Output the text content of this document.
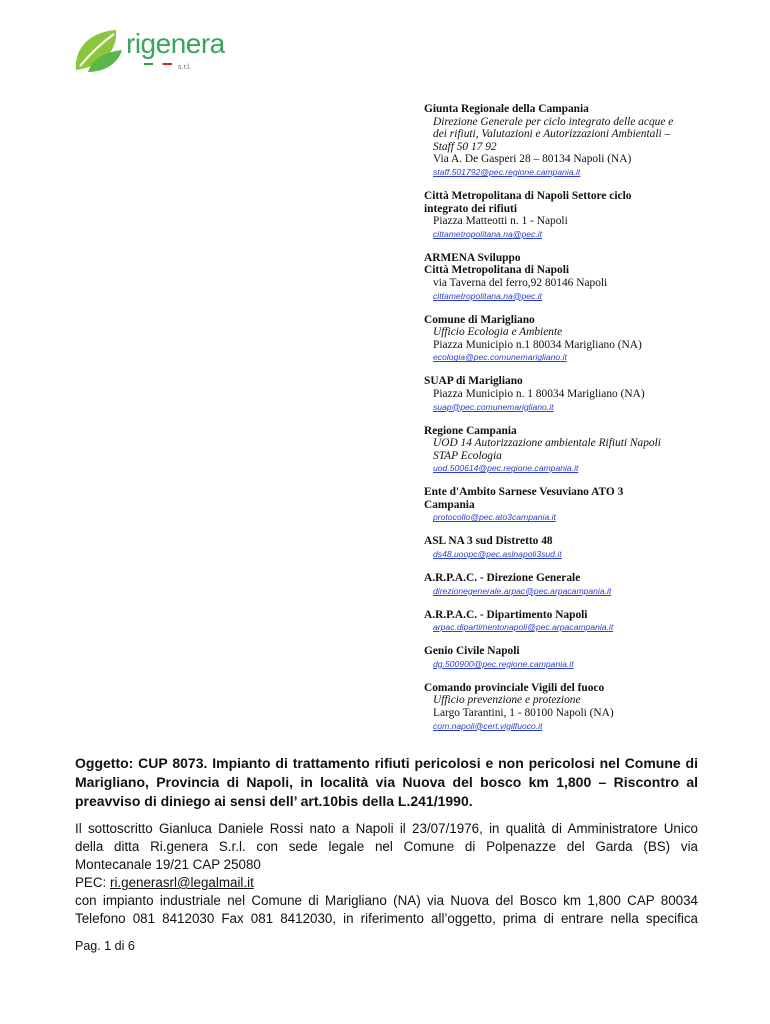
rigenera
s.r.l.
Giunta Regionale della Campania
Direzione Generale per ciclo integrato delle acque e
dei rifiuti, Valutazioni e Autorizzazioni Ambientali –
Staff 50 17 92
Via A. De Gasperi 28 – 80134 Napoli (NA)
staff.501792@pec.regione.campania.it
Città Metropolitana di Napoli Settore ciclo
integrato dei rifiuti
Piazza Matteotti n. 1 - Napoli
cittametropolitana.na@pec.it
ARMENA Sviluppo
Città Metropolitana di Napoli
via Taverna del ferro,92 80146 Napoli
cittametropolitana.na@pec.it
Comune di Marigliano
Ufficio Ecologia e Ambiente
Piazza Municipio n.1 80034 Marigliano (NA)
ecologia@pec.comunemarigliano.it
SUAP di Marigliano
Piazza Municipio n. 1 80034 Marigliano (NA)
suap@pec.comunemarigliano.it
Regione Campania
UOD 14 Autorizzazione ambientale Rifiuti Napoli
STAP Ecologia
uod.500614@pec.regione.campania.it
Ente d'Ambito Sarnese Vesuviano ATO 3
Campania
protocollo@pec.ato3campania.it
ASL NA 3 sud Distretto 48
ds48.uoopc@pec.aslnapoli3sud.it
A.R.P.A.C. - Direzione Generale
direzionegenerale.arpac@pec.arpacampania.it
A.R.P.A.C. - Dipartimento Napoli
arpac.dipartimentonapoli@pec.arpacampania.it
Genio Civile Napoli
dg.500900@pec.regione.campania.it
Comando provinciale Vigili del fuoco
Ufficio prevenzione e protezione
Largo Tarantini, 1 - 80100 Napoli (NA)
com.napoli@cert.vigilfuoco.it
Oggetto: CUP 8073. Impianto di trattamento rifiuti pericolosi e non pericolosi nel Comune di Marigliano, Provincia di Napoli, in località via Nuova del bosco km 1,800 – Riscontro al preavviso di diniego ai sensi dell’ art.10bis della L.241/1990.
Il sottoscritto Gianluca Daniele Rossi nato a Napoli il 23/07/1976, in qualità di Amministratore Unico
della ditta Ri.genera S.r.l. con sede legale nel Comune di Polpenazze del Garda (BS) via
Montecanale 19/21 CAP 25080
PEC: ri.generasrl@legalmail.it
con impianto industriale nel Comune di Marigliano (NA) via Nuova del Bosco km 1,800 CAP 80034
Telefono 081 8412030 Fax 081 8412030, in riferimento all’oggetto, prima di entrare nella specifica
Pag. 1 di 6
